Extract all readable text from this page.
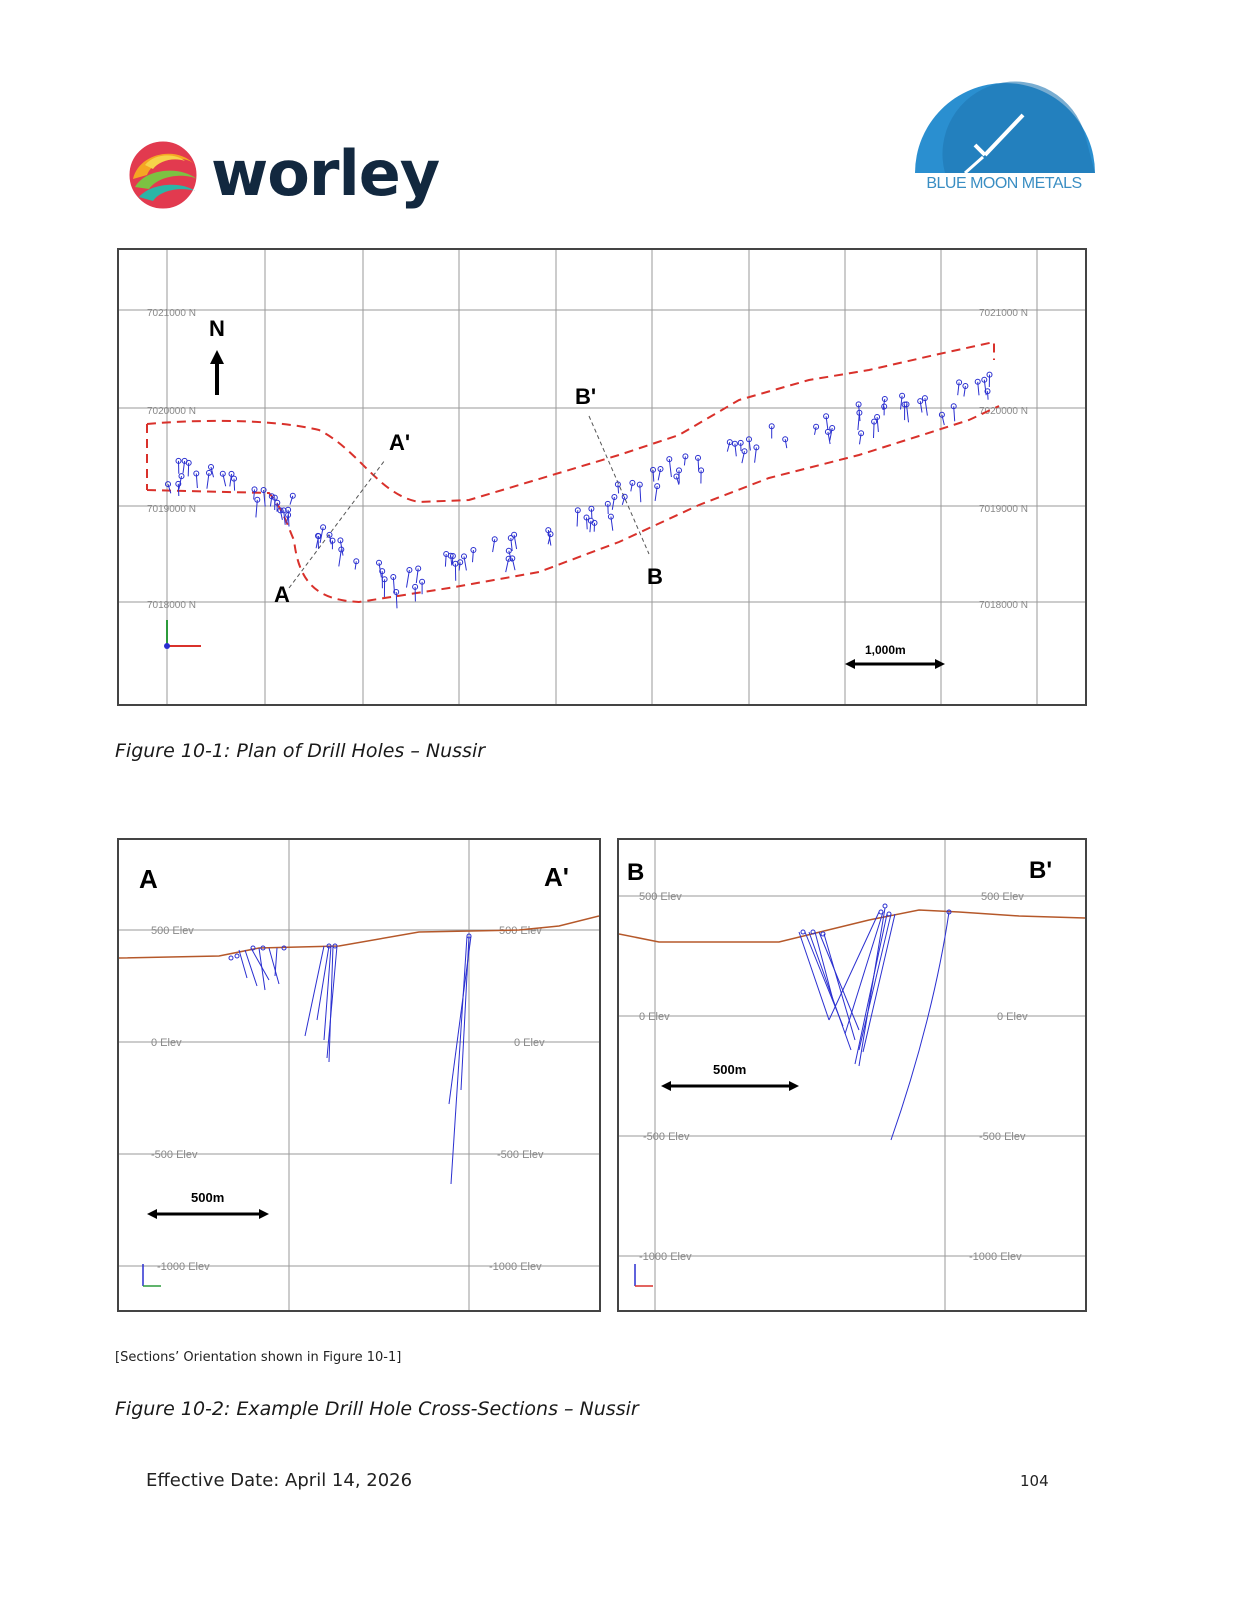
worley	BLUE MOON METALS
7021000 N
7020000 N
7019000 N
7018000 N
7021000 N
7020000 N
7019000 N
7018000 N
N
A'
A
B'
B
1,000m
Figure 10-1: Plan of Drill Holes – Nussir
500 Elev	500 Elev
0 Elev	0 Elev
-500 Elev	-500 Elev
-1000 Elev	-1000 Elev
A	A'
500m
500 Elev	500 Elev
0 Elev	0 Elev
-500 Elev	-500 Elev
-1000 Elev	-1000 Elev
B	B'
500m
[Sections’ Orientation shown in Figure 10-1]
Figure 10-2: Example Drill Hole Cross-Sections – Nussir
Effective Date: April 14, 2026	104
